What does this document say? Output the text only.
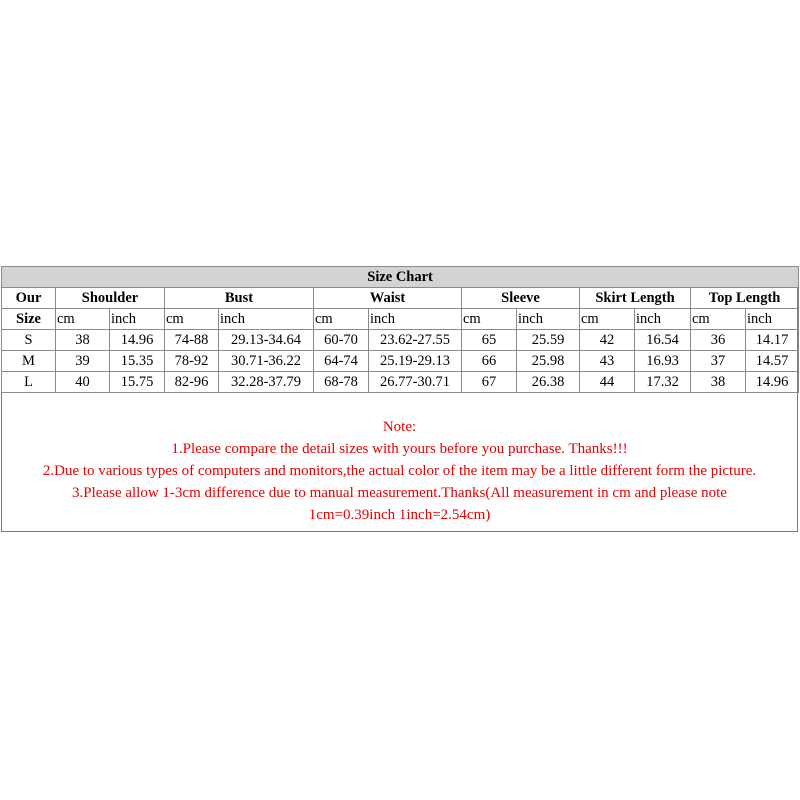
Size Chart												
Our	Shoulder		Bust		Waist		Sleeve		Skirt Length		Top Length	
Size	cm	inch	cm	inch	cm	inch	cm	inch	cm	inch	cm	inch
S	38	14.96	74-88	29.13-34.64	60-70	23.62-27.55	65	25.59	42	16.54	36	14.17
M	39	15.35	78-92	30.71-36.22	64-74	25.19-29.13	66	25.98	43	16.93	37	14.57
L	40	15.75	82-96	32.28-37.79	68-78	26.77-30.71	67	26.38	44	17.32	38	14.96
Note:
1.Please compare the detail sizes with yours before you purchase. Thanks!!!
2.Due to various types of computers and monitors,the actual color of the item may be a little different form the picture.
3.Please allow 1-3cm difference due to manual measurement.Thanks(All measurement in cm and please note
1cm=0.39inch 1inch=2.54cm)
